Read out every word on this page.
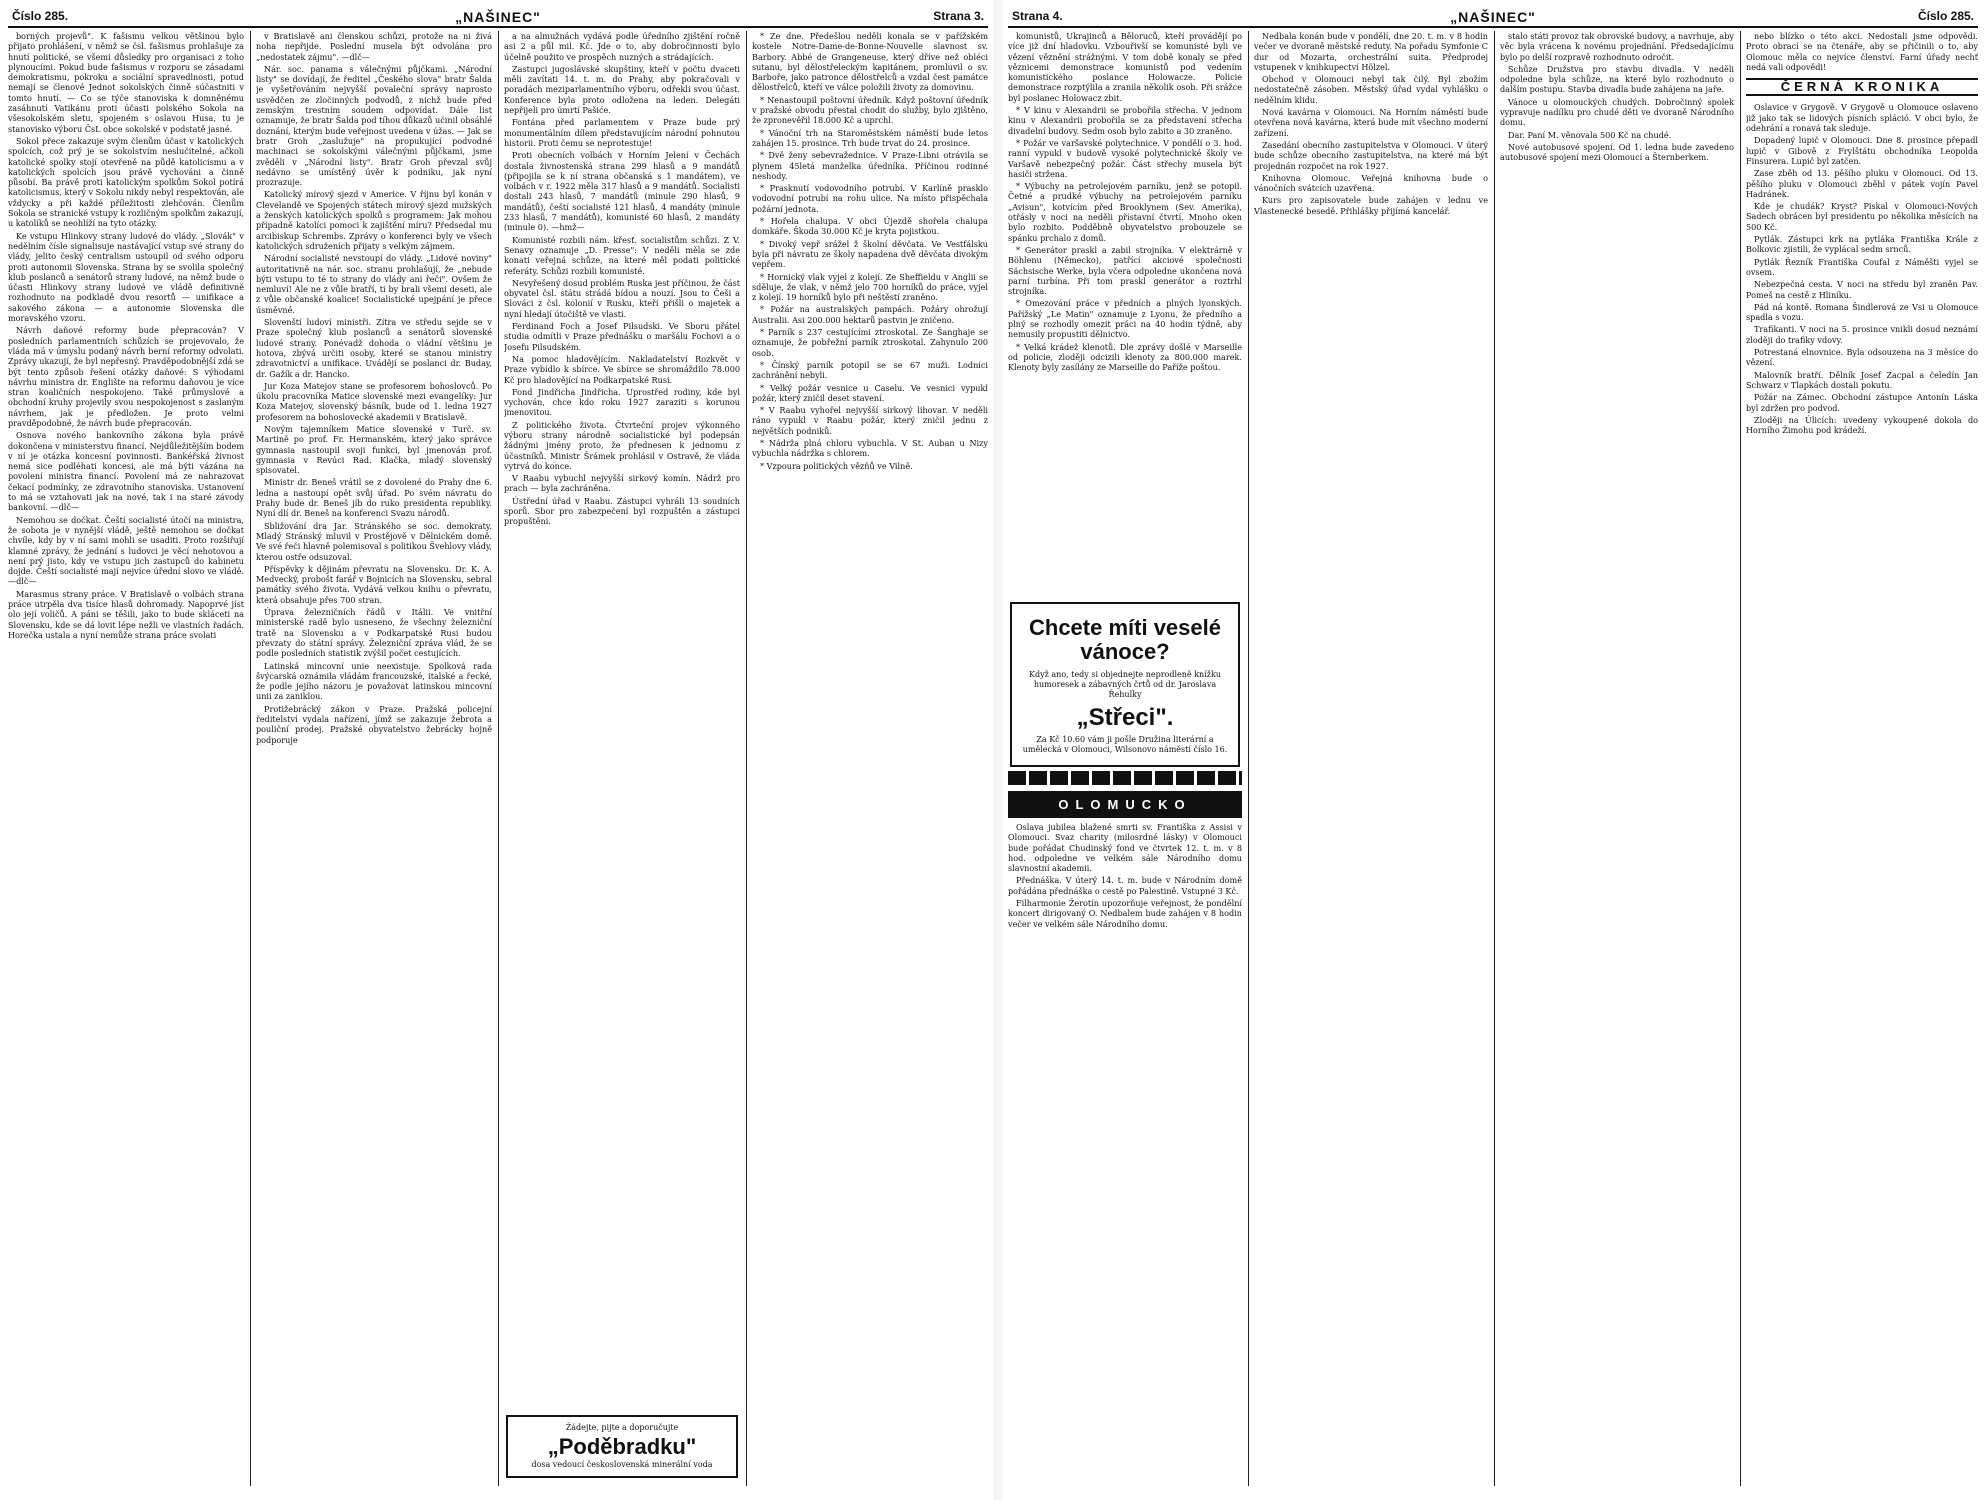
Číslo 285.	„NAŠINEC"	Strana 3.

borných projevů". K fašismu velkou většinou bylo přijato prohlášení, v němž se čsl. fašismus prohlašuje za hnutí politické, se všemi důsledky pro organisaci z toho plynoucími. Pokud bude fašismus v rozporu se zásadami demokratismu, pokroku a sociální spravedlnosti, potud nemají se členové Jednot sokolských činně súčastniti v tomto hnutí. — Co se týče stanoviska k domněnému zasáhnutí Vatikánu proti účasti polského Sokola na všesokolském sletu, spojeném s oslavou Husa, tu je stanovisko výboru ČsL obce sokolské v podstatě jasné.

Sokol přece zakazuje svým členům účast v katolických spolcích, což prý je se sokolstvím neslučitelné, ačkoli katolické spolky stojí otevřeně na půdě katolicismu a v katolických spolcích jsou právě vychováni a činně působí. Ba právě proti katolickým spolkům Sokol potírá katolicismus, který v Sokolu nikdy nebyl respektován, ale vždycky a při každé příležitosti zlehčován. Členům Sokola se stranické vstupy k rozličným spolkům zakazují, u katolíků se neohlíží na tyto otázky.

Ke vstupu Hlinkovy strany ludové do vlády. „Slovák" v nedělním čísle signalisuje nastávající vstup své strany do vlády, jelito český centralism ustoupil od svého odporu proti autonomii Slovenska. Strana by se svolila společný klub poslanců a senátorů strany ludové, na němž bude o účasti Hlinkovy strany ludové ve vládě definitivně rozhodnuto na podkladě dvou resortů — unifikace a sakového zákona — a autonomie Slovenska dle moravského vzoru.

Návrh daňové reformy bude přepracován? V posledních parlamentních schůzích se projevovalo, že vláda má v úmyslu podaný návrh berní reformy odvolati. Zprávy ukazují, že byl nepřesný. Pravděpodobnější zdá se být tento způsob řešení otázky daňové: S výhodami návrhu ministra dr. Englište na reformu daňovou je více stran koaličních nespokojeno. Také průmyslové a obchodní kruhy projevily svou nespokojenost s zaslaným návrhem, jak je předložen. Je proto velmi pravděpodobné, že návrh bude přepracován.

Osnova nového bankovního zákona byla právě dokončena v ministerstvu financí. Nejdůležitějším bodem v ní je otázka koncesní povinnosti. Bankéřská živnost nemá sice podléhati koncesi, ale má býti vázána na povolení ministra financí. Povolení má ze nahrazovat čekací podmínky, ze zdravotního stanoviska. Ustanovení to má se vztahovati jak na nové, tak i na staré závody bankovní. —dlč—

Nemohou se dočkat. Čeští socialisté útočí na ministra, že sobota je v nynější vládě, ještě nemohou se dočkat chvíle, kdy by v ní sami mohli se usaditi. Proto rozšiřují klamné zprávy, že jednání s ludovci je věcí nehotovou a není prý jisto, kdy ve vstupu jich zastupců do kabinetu dojde. Čeští socialisté mají nejvíce úřední slovo ve vládě. —dlč—

Marasmus strany práce. V Bratislavě o volbách strana práce utrpěla dva tisíce hlasů dohromady. Napoprvé jíst olo její voličů. A páni se těšili, jako to bude skláceti na Slovensku, kde se dá lovit lépe nežli ve vlastních řadách. Horečka ustala a nyní nemůže strana práce svolati

v Bratislavě ani členskou schůzi, protože na ni živá noha nepřijde. Poslední musela být odvolána pro „nedostatek zájmu". —dlč—

Nár. soc. panama s válečnými půjčkami. „Národní listy" se dovídají, že ředitel „Českého slova" bratr Šalda je vyšetřováním nejvyšší povaleční správy naprosto usvědčen ze zločinných podvodů, z nichž bude před zemským trestním soudem odpovídat. Dále list oznamuje, že bratr Šalda pod tíhou důkazů učinil obsáhlé doznání, kterým bude veřejnost uvedena v úžas. — Jak se bratr Groh „zaslužuje" na propukující podvodné machinaci se sokolskými válečnými půjčkami, jsme zvěděli v „Národní listy". Bratr Groh převzal svůj nedávno se umístěný úvěr k podniku, jak nyní prozrazuje.

Katolický mírový sjezd v Americe. V říjnu byl konán v Clevelandě ve Spojených státech mírový sjezd mužských a ženských katolických spolků s programem: Jak mohou případně katolíci pomoci k zajištění míru? Předsedal mu arcibiskup Schrembs. Zprávy o konferenci byly ve všech katolických sdruženích přijaty s velkým zájmem.

Národní socialisté nevstoupí do vlády. „Lidové noviny" autoritativně na nár. soc. stranu prohlašují, že „nebude býti vstupu to té to strany do vlády ani řeči". Ovšem že nemluví! Ale ne z vůle bratří, ti by brali všemi deseti, ale z vůle občanské koalice! Socialistické upejpání je přece úsměvné.

Slovenští ludoví ministři. Zítra ve středu sejde se v Praze společný klub poslanců a senátorů slovenské ludové strany. Ponévadž dohoda o vládní většinu je hotova, zbývá určiti osoby, které se stanou ministry zdravotnictví a unifikace. Uvádějí se poslanci dr. Buday, dr. Gažík a dr. Hancko.

Jur Koza Matejov stane se profesorem bohoslovců. Po úkolu pracovníka Matice slovenské mezi evangelíky: Jur Koza Matejov, slovenský básník, bude od 1. ledna 1927 profesorem na bohoslovecké akademii v Bratislavě.

Novým tajemníkem Matice slovenské v Turč. sv. Martině po prof. Fr. Hermanském, který jako správce gymnasia nastoupil svoji funkci, byl jmenován prof. gymnasia v Revúci Rad. Klačka, mladý slovenský spisovatel.

Ministr dr. Beneš vrátil se z dovolené do Prahy dne 6. ledna a nastoupí opět svůj úřad. Po svém návratu do Prahy bude dr. Beneš jíb do ruko presidenta republiky. Nyní dlí dr. Beneš na konferenci Svazu národů.

Sbližování dra Jar. Stránského se soc. demokraty. Mladý Stránský mluvil v Prostějově v Dělnickém domě. Ve své řeči hlavně polemisoval s politikou Švehlovy vlády, kterou ostře odsuzoval.

Příspěvky k dějinám převratu na Slovensku. Dr. K. A. Medvecký, probošt farář v Bojnicích na Slovensku, sebral památky svého života. Vydává velkou knihu o převratu, která obsahuje přes 700 stran.

Úprava železničních řádů v Itálii. Ve vnitřní ministerské radě bylo usneseno, že všechny železniční tratě na Slovensku a v Podkarpatské Rusi budou převzaty do státní správy. Železniční zpráva vlád, že se podle posledních statistik zvýšil počet cestujících.

Latinská mincovní unie neexistuje. Spolková rada švýcarská oznámila vládám francouzské, italské a řecké, že podle jejího názoru je považovat latinskou mincovní unii za zaniklou.

Protižebrácký zákon v Praze. Pražská policejní ředitelství vydala nařízení, jímž se zakazuje žebrota a pouliční prodej. Pražské obyvatelstvo žebrácky hojně podporuje

a na almužnách vydává podle úředního zjištění ročně asi 2 a půl mil. Kč. Jde o to, aby dobročinnosti bylo účelně použito ve prospěch nuzných a strádajících.

Zastupci jugoslávské skupštiny, kteří v počtu dvaceti měli zavítati 14. t. m. do Prahy, aby pokračovali v poradách meziparlamentního výboru, odřekli svou účast. Konference byla proto odložena na leden. Delegáti nepřijeli pro úmrtí Pašiće.

Fontána před parlamentem v Praze bude prý monumentálním dílem představujícím národní pohnutou historii. Proti čemu se neprotestuje!

Proti obecních volbách v Horním Jelení v Čechách dostala živnostenská strana 299 hlasů a 9 mandátů (připojila se k ní strana občanská s 1 mandátem), ve volbách v r. 1922 měla 317 hlasů a 9 mandátů. Socialisti dostali 243 hlasů, 7 mandátů (minule 290 hlasů, 9 mandátů), čeští socialisté 121 hlasů, 4 mandáty (minule 233 hlasů, 7 mandátů), komunisté 60 hlasů, 2 mandáty (minule 0). —hmž—

Komunisté rozbili nám. křesť. socialistům schůzi. Z V. Senavy oznamuje „D. Presse": V neděli měla se zde konati veřejná schůze, na které měl podati politické referáty. Schůzi rozbili komunisté.

Nevyřešený dosud problém Ruska jest příčinou, že část obyvatel čsl. státu strádá bídou a nouzí. Jsou to Češi a Slováci z čsl. kolonií v Rusku, kteří přišli o majetek a nyní hledají útočiště ve vlasti.

Ferdinand Foch a Josef Pilsudski. Ve Sboru přátel studia odmítli v Praze přednášku o maršálu Fochovi a o Josefu Pilsudském.

Na pomoc hladovějícím. Nakladatelství Rozkvět v Praze vybídlo k sbírce. Ve sbírce se shromáždilo 78.000 Kč pro hladovějící na Podkarpatské Rusi.

Fond Jindřicha Jindřicha. Uprostřed rodiny, kde byl vychován, chce kdo roku 1927 zaraziti s korunou jmenovitou.

Z politického života. Čtvrteční projev výkonného výboru strany národně socialistické byl podepsán žádnými jmény proto, že přednesen k jednomu z účastníků. Ministr Šrámek prohlásil v Ostravě, že vláda vytrvá do konce.

V Raabu vybuchl nejvyšší sirkový komín. Nádrž pro prach — byla zachráněna.

Ústřední úřad v Raabu. Zástupci vyhráli 13 soudních sporů. Sbor pro zabezpečení byl rozpuštěn a zástupci propuštěni.

* Ze dne. Předešlou neděli konala se v pařížském kostele Notre-Dame-de-Bonne-Nouvelle slavnost sv. Barbory. Abbé de Grangeneuse, který dříve než obléci sutanu, byl dělostřeleckým kapitánem, promluvil o sv. Barboře, jako patronce dělostřelců a vzdal čest památce dělostřelců, kteří ve válce položili životy za domovinu.

* Nenastoupil poštovní úředník. Když poštovní úředník v pražské obvodu přestal chodit do služby, bylo zjištěno, že zpronevěřil 18.000 Kč a uprchl.

* Vánoční trh na Staroměstském náměstí bude letos zahájen 15. prosince. Trh bude trvat do 24. prosince.

* Dvě ženy sebevražednice. V Praze-Libni otrávila se plynem 45letá manželka úředníka. Příčinou rodinné neshody.

* Prasknutí vodovodního potrubí. V Karlíně prasklo vodovodní potrubí na rohu ulice. Na místo přispěchala požární jednota.

* Hořela chalupa. V obci Újezdě shořela chalupa domkáře. Škoda 30.000 Kč je kryta pojistkou.

* Divoký vepř srážel ž školní děvčata. Ve Vestfálsku byla při návratu ze školy napadena dvě děvčata divokým vepřem.

* Hornický vlak vyjel z kolejí. Ze Sheffieldu v Anglii se sděluje, že vlak, v němž jelo 700 horníků do práce, vyjel z kolejí. 19 horníků bylo při neštěstí zraněno.

* Požár na australských pampách. Požáry ohrožují Australii. Asi 200.000 hektarů pastvin je zničeno.

* Parník s 237 cestujícími ztroskotal. Ze Šanghaje se oznamuje, že pobřežní parník ztroskotal. Zahynulo 200 osob.

* Čínský parník potopil se se 67 muži. Lodníci zachránění nebyli.

* Velký požár vesnice u Caselu. Ve vesnici vypukl požár, který zničil deset stavení.

* V Raabu vyhořel nejvyšší sirkový lihovar. V neděli ráno vypukl v Raabu požár, který zničil jednu z největších podniků.

* Nádrža plná chloru vybuchla. V St. Auban u Nizy vybuchla nádržka s chlorem.

* Vzpoura politických vězňů ve Vilně.

Žádejte, pijte a doporučujte
„Poděbradku"
dosa vedoucí československá minerální voda
Strana 4.	„NAŠINEC"	Číslo 285.

komunistů, Ukrajinců a Běloruců, kteří provádějí po více již dní hladovku. Vzbouřivší se komunisté byli ve vězení věznění strážnými. V tom době konaly se před věznicemi demonstrace komunistů pod vedením komunistického poslance Holowacze. Policie demonstrace rozptýlila a zranila několik osob. Při srážce byl poslanec Holowacz zbit.

* V kinu v Alexandrii se probořila střecha. V jednom kinu v Alexandrii probořila se za představení střecha divadelní budovy. Sedm osob bylo zabito a 30 zraněno.

* Požár ve varšavské polytechnice. V pondělí o 3. hod. ranní vypukl v budově vysoké polytechnické školy ve Varšavě nebezpečný požár. Část střechy musela být hasiči stržena.

* Výbuchy na petrolejovém parníku, jenž se potopil. Četné a prudké výbuchy na petrolejovém parníku „Avisun", kotvícím před Brooklynem (Sev. Amerika), otřásly v noci na neděli přístavní čtvrtí. Mnoho oken bylo rozbito. Podděbně obyvatelstvo probouzele se spánku prchalo z domů.

* Generátor praskl a zabil strojníka. V elektrárně v Böhlenu (Německo), patřící akciové společnosti Sächsische Werke, byla včera odpoledne ukončena nová parní turbína. Při tom praskl generátor a roztrhl strojníka.

* Omezování práce v předních a plných lyonských. Pařížský „Le Matin" oznamuje z Lyonu, že předního a plný se rozhodly omezit práci na 40 hodin týdně, aby nemusily propustiti dělnictvo.

* Velká krádež klenotů. Dle zprávy došlé v Marseille od policie, zloději odcizili klenoty za 800.000 marek. Klenoty byly zasílány ze Marseille do Paříže poštou.

Chcete míti veselé vánoce?
Když ano, tedy si objednejte neprodleně knížku humoresek a zábavných črtů od dr. Jaroslava Řehulky
„Střeci".
Za Kč 10.60 vám ji pošle Družina literární a umělecká v Olomouci, Wilsonovo náměstí číslo 16.
OLOMUCKO

Oslava jubilea blažené smrti sv. Františka z Assisi v Olomouci. Svaz charity (milosrdné lásky) v Olomouci bude pořádat Chudinský fond ve čtvrtek 12. t. m. v 8 hod. odpoledne ve velkém sále Národního domu slavnostní akademii.

Přednáška. V úterý 14. t. m. bude v Národním domě pořádána přednáška o cestě po Palestině. Vstupné 3 Kč.

Filharmonie Žerotín upozorňuje veřejnost, že pondělní koncert dirigovaný O. Nedbalem bude zahájen v 8 hodin večer ve velkém sále Národního domu.

Nedbala konán bude v pondělí, dne 20. t. m. v 8 hodin večer ve dvoraně městské reduty. Na pořadu Symfonie C dur od Mozarta, orchestrální suita. Předprodej vstupenek v knihkupectví Hölzel.

Obchod v Olomouci nebyl tak čilý. Byl zbožím nedostatečně zásoben. Městský úřad vydal vyhlášku o nedělním klidu.

Nová kavárna v Olomouci. Na Horním náměstí bude otevřena nová kavárna, která bude mít všechno moderní zařízení.

Zasedání obecního zastupitelstva v Olomouci. V úterý bude schůze obecního zastupitelstva, na které má být projednán rozpočet na rok 1927.

Knihovna Olomouc. Veřejná knihovna bude o vánočních svátcích uzavřena.

Kurs pro zapisovatele bude zahájen v lednu ve Vlastenecké besedě. Přihlášky přijímá kancelář.

stalo státi provoz tak obrovské budovy, a navrhuje, aby věc byla vrácena k novému projednání. Předsedajícímu bylo po delší rozpravě rozhodnuto odročit.

Schůze Družstva pro stavbu divadla. V neděli odpoledne byla schůze, na které bylo rozhodnuto o dalším postupu. Stavba divadla bude zahájena na jaře.

Vánoce u olomouckých chudých. Dobročinný spolek vypravuje nadílku pro chudé děti ve dvoraně Národního domu.

Dar. Paní M. věnovala 500 Kč na chudé.

Nové autobusové spojení. Od 1. ledna bude zavedeno autobusové spojení mezi Olomoucí a Šternberkem.

nebo blízko o této akci. Nedostali jsme odpovědi. Proto obrací se na čtenáře, aby se přičinili o to, aby Olomouc měla co nejvíce členství. Farní úřady nechť nedá vali odpovědi!

ČERNÁ KRONIKA

Oslavice v Grygově. V Grygově u Olomouce oslaveno již jako tak se lidových písních spláció. V obci bylo, že odehrání a ronavá tak sleduje.

Dopadený lupič v Olomouci. Dne 8. prosince přepadl lupič v Gibově z Frylštátu obchodníka Leopolda Finsurera. Lupič byl zatčen.

Zase zběh od 13. pěšího pluku v Olomouci. Od 13. pěšího pluku v Olomouci zběhl v pátek vojín Pavel Hadránek.

Kde je chudák? Kryst? Piskal v Olomouci-Nových Sadech obrácen byl presidentu po několika měsících na 500 Kč.

Pytlák. Zástupci krk na pytláka Františka Krále z Bolkovic zjistili, že vyplácal sedm srnců.

Pytlák Řezník Františka Coufal z Náměšti vyjel se ovsem.

Nebezpečná cesta. V noci na středu byl zraněn Pav. Pomeš na cestě z Hliníku.

Pád ná kontě. Romana Šindlerová ze Vsi u Olomouce spadla s vozu.

Trafikanti. V noci na 5. prosince vnikli dosud neznámí zloději do trafiky vdovy.

Potrestaná elnovnice. Byla odsouzena na 3 měsíce do vězení.

Malovník bratří. Dělník Josef Zacpal a čeledín Jan Schwarz v Tlapkách dostali pokutu.

Požár na Zámec. Obchodní zástupce Antonín Láska byl zdržen pro podvod.

Zloději na Úlicích: uvedeny vykoupené dokola do Horního Žimohu pod krádeží.
